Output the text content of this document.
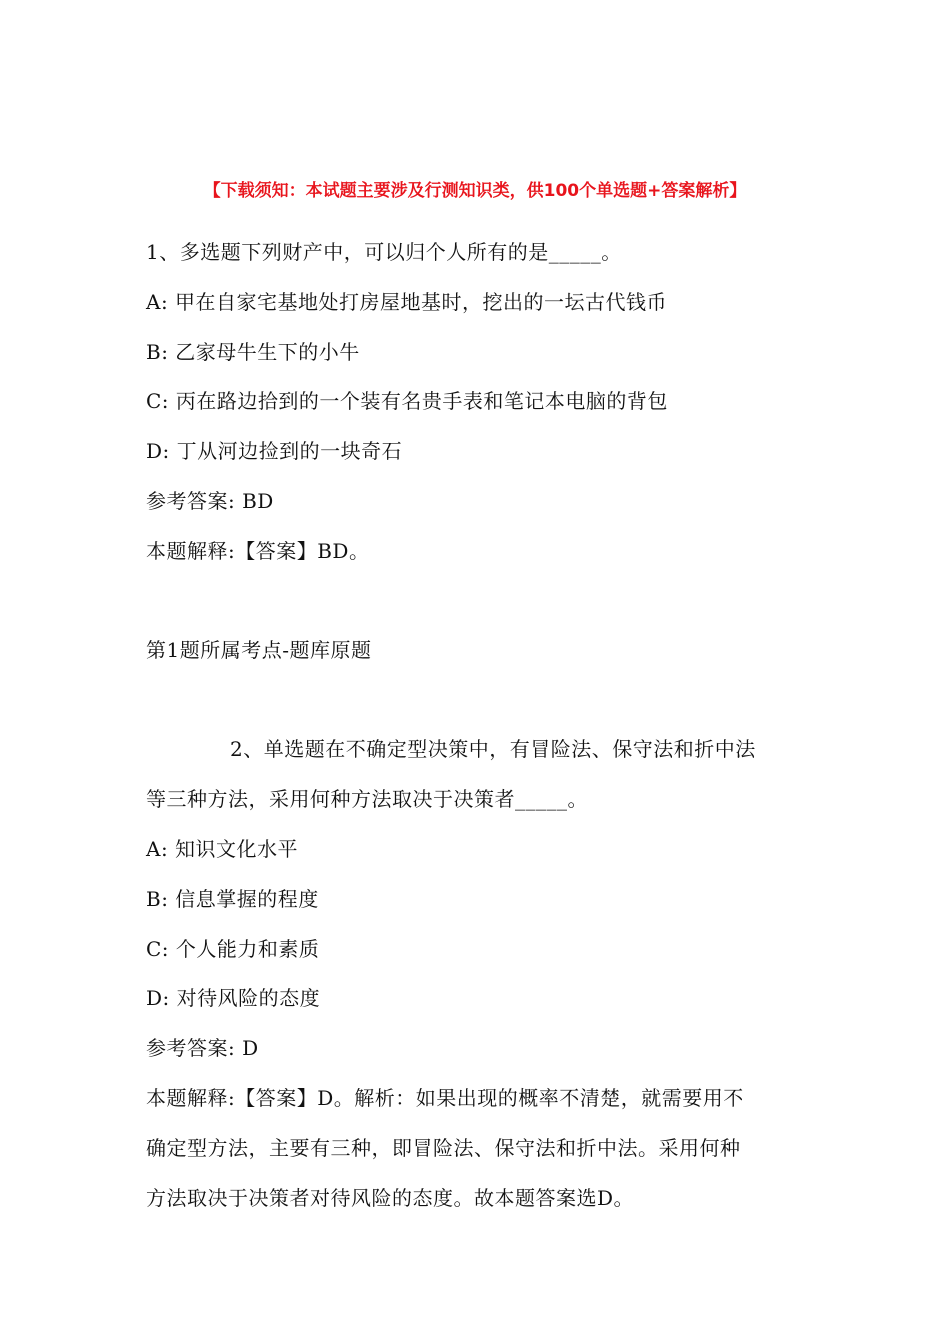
【下载须知：本试题主要涉及行测知识类，供100个单选题+答案解析】
1、多选题下列财产中，可以归个人所有的是_____。
A: 甲在自家宅基地处打房屋地基时，挖出的一坛古代钱币
B: 乙家母牛生下的小牛
C: 丙在路边拾到的一个装有名贵手表和笔记本电脑的背包
D: 丁从河边捡到的一块奇石
参考答案: BD
本题解释:【答案】BD。
第1题所属考点-题库原题
2、单选题在不确定型决策中，有冒险法、保守法和折中法
等三种方法，采用何种方法取决于决策者_____。
A: 知识文化水平
B: 信息掌握的程度
C: 个人能力和素质
D: 对待风险的态度
参考答案: D
本题解释:【答案】D。解析：如果出现的概率不清楚，就需要用不
确定型方法，主要有三种，即冒险法、保守法和折中法。采用何种
方法取决于决策者对待风险的态度。故本题答案选D。
